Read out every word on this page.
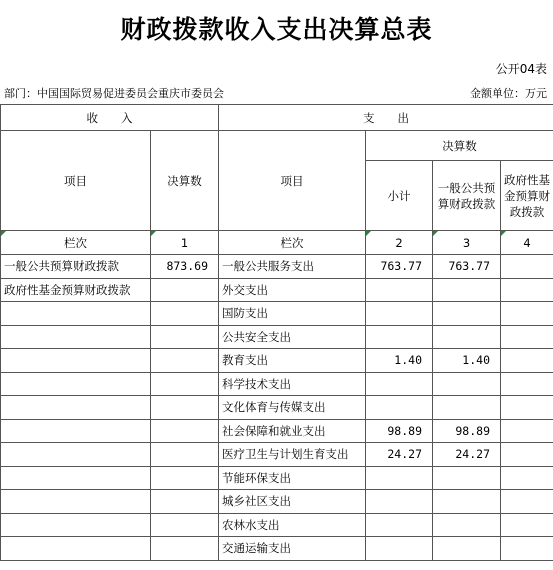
财政拨款收入支出决算总表
公开04表
部门：中国国际贸易促进委员会重庆市委员会	金额单位：万元
收　　入		支　　出			
项目	决算数	项目	决算数		
			小计	一般公共预算财政拨款	政府性基金预算财政拨款
栏次	1	栏次	2	3	4
一般公共预算财政拨款	873.69	一般公共服务支出	763.77	763.77	
政府性基金预算财政拨款		外交支出			
		国防支出			
		公共安全支出			
		教育支出	1.40	1.40	
		科学技术支出			
		文化体育与传媒支出			
		社会保障和就业支出	98.89	98.89	
		医疗卫生与计划生育支出	24.27	24.27	
		节能环保支出			
		城乡社区支出			
		农林水支出			
		交通运输支出			
